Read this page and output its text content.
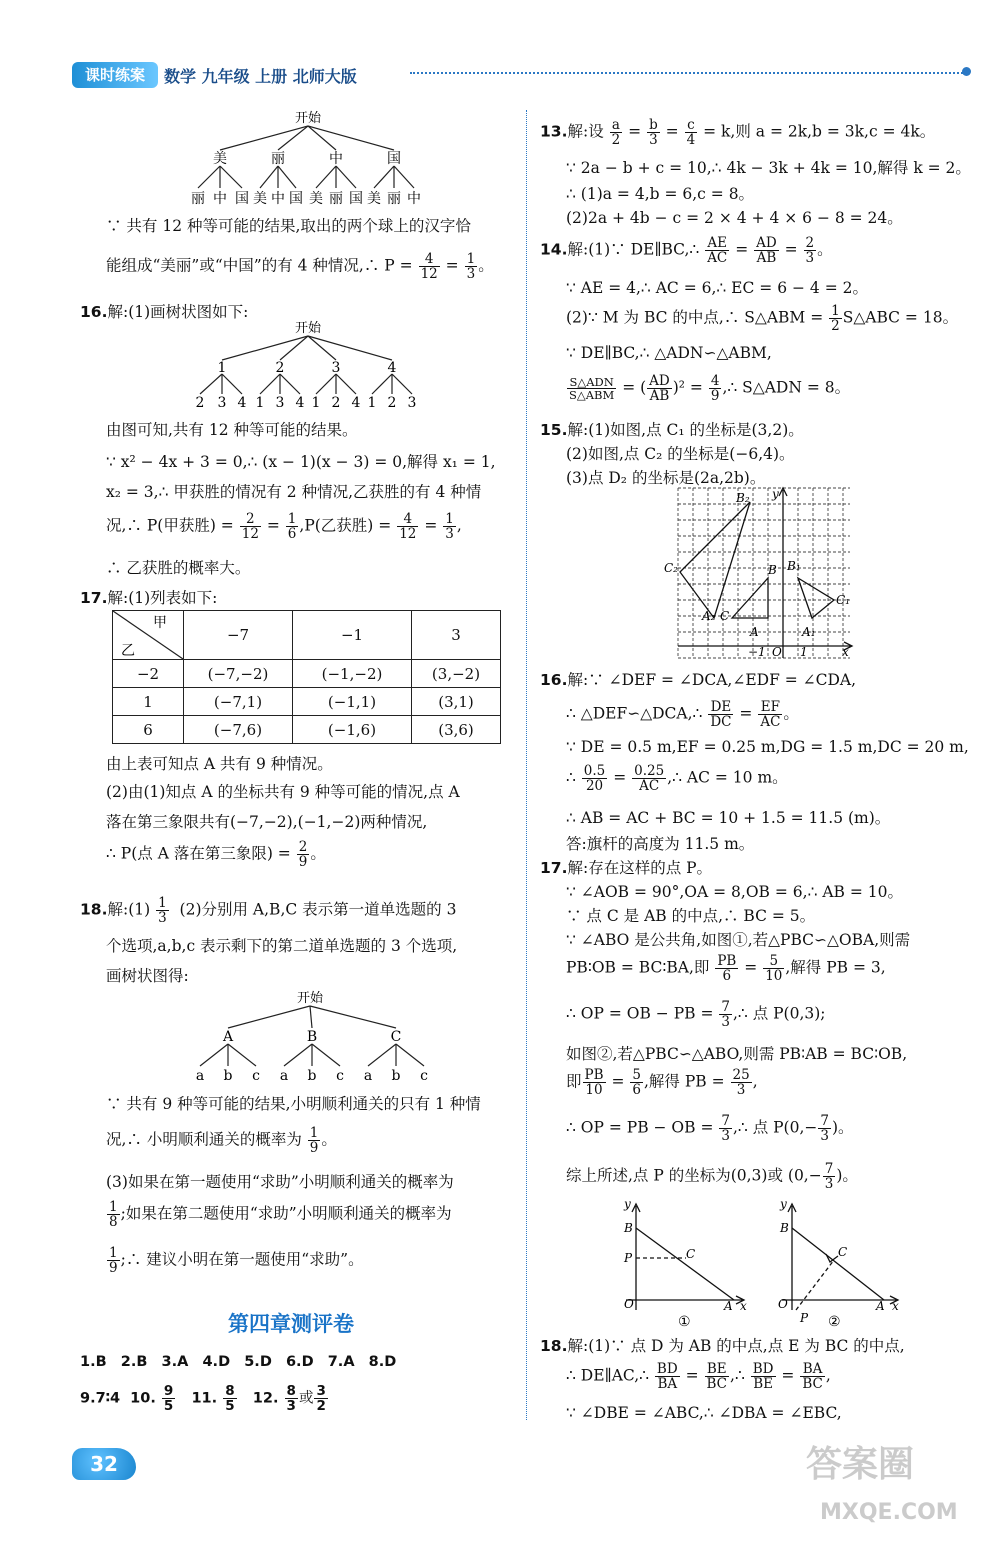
课时练案	数学 九年级 上册 北师大版
开始
美	丽	中	国
丽 中 国 美 中 国 美 丽 国 美 丽 中
∵ 共有 12 种等可能的结果,取出的两个球上的汉字恰
能组成“美丽”或“中国”的有 4 种情况,∴ $P = \frac{4}{12} = \frac{1}{3}$ 。
16.解:(1)画树状图如下:
开始
1	2	3	4
2 3 4 1 3 4 1 2 4 1 2 3
由图可知,共有 12 种等可能的结果。
∵ x² − 4x + 3 = 0,∴ (x − 1)(x − 3) = 0,解得 x₁ = 1,
x₂ = 3,∴ 甲获胜的情况有 2 种情况,乙获胜的有 4 种情
况,∴ P(甲获胜) = $\frac{2}{12} = \frac{1}{6} ,P$(乙获胜) = $\frac{4}{12} = \frac{1}{3}$ ,
∴ 乙获胜的概率大。
17.解:(1)列表如下:
甲
乙	−7	−1	3
−2	(−7,−2)	(−1,−2)	(3,−2)
1	(−7,1)	(−1,1)	(3,1)
6	(−7,6)	(−1,6)	(3,6)
由上表可知点 A 共有 9 种情况。
(2)由(1)知点 A 的坐标共有 9 种等可能的情况,点 A
落在第三象限共有(−7,−2),(−1,−2)两种情况,
∴ P(点 A 落在第三象限) = $\frac{2}{9}$ 。
18.解:(1) $\frac{1}{3} (2)$分别用 A,B,C 表示第一道单选题的 3
个选项,a,b,c 表示剩下的第二道单选题的 3 个选项,
画树状图得:
开始
A	B	C
a b c a b c a b c
∵ 共有 9 种等可能的结果,小明顺利通关的只有 1 种情
况,∴ 小明顺利通关的概率为 $\frac{1}{9}$ 。
(3)如果在第一题使用“求助”小明顺利通关的概率为
$\frac{1}{8}$ ;如果在第二题使用“求助”小明顺利通关的概率为
$\frac{1}{9}$ ;∴ 建议小明在第一题使用“求助”。
第四章测评卷
1.B 2.B 3.A 4.D 5.D 6.D 7.A 8.D
9.7∶4 10. $\frac{9}{5} 11$. $\frac{8}{5} 12$. $\frac{8}{3}$ 或 $\frac{3}{2}$
13.解:设 $\frac{a}{2} = \frac{b}{3} = \frac{c}{4} = k$,则 a = 2k,b = 3k,c = 4k。
∵ 2a − b + c = 10,∴ 4k − 3k + 4k = 10,解得 k = 2。
∴ (1)a = 4,b = 6,c = 8。
(2)2a + 4b − c = 2 × 4 + 4 × 6 − 8 = 24。
14.解:(1)∵ DE∥BC,∴ $\frac{AE}{AC} = \frac{AD}{AB} = \frac{2}{3}$ 。
∵ AE = 4,∴ AC = 6,∴ EC = 6 − 4 = 2。
(2)∵ M 为 BC 的中点,∴ S△ABM = $\frac{1}{2}$ S△ABC = 18。
∵ DE∥BC,∴ △ADN∽△ABM,
$\frac{\text{S△ADN}}{\text{S△ABM}}$ = ( $\frac{AD}{AB} )^2 = \frac{4}{9}$ ,∴ S△ADN = 8。
15.解:(1)如图,点 C₁ 的坐标是(3,2)。
(2)如图,点 C₂ 的坐标是(−6,4)。
(3)点 D₂ 的坐标是(2a,2b)。
B₂ y
C₂	B B₁
C₁
A₂ C
A	A₁
O 1	x
−1
16.解:∵ ∠DEF = ∠DCA,∠EDF = ∠CDA,
∴ △DEF∽△DCA,∴ $\frac{DE}{DC} = \frac{EF}{AC}$ 。
∵ DE = 0.5 m,EF = 0.25 m,DG = 1.5 m,DC = 20 m,
∴ $\frac{0.5}{20} = \frac{0.25}{AC}$ ,∴ AC = 10 m。
∴ AB = AC + BC = 10 + 1.5 = 11.5 (m)。
答:旗杆的高度为 11.5 m。
17.解:存在这样的点 P。
∵ ∠AOB = 90°,OA = 8,OB = 6,∴ AB = 10。
∵ 点 C 是 AB 的中点,∴ BC = 5。
∵ ∠ABO 是公共角,如图①,若△PBC∽△OBA,则需
PB∶OB = BC∶BA,即 $\frac{PB}{6} = \frac{5}{10}$ ,解得 PB = 3,
∴ OP = OB − PB = $\frac{7}{3}$ ,∴ 点 P(0,3);
如图②,若△PBC∽△ABO,则需 PB∶AB = BC∶OB,
即 $\frac{PB}{10} = \frac{5}{6}$ ,解得 PB = $\frac{25}{3}$ ,
∴ OP = PB − OB = $\frac{7}{3}$ ,∴ 点 $P(0,- \frac{7}{3}$ )。
综上所述,点 P 的坐标为(0,3)或 ($0,- \frac{7}{3}$ )。
y
B
P	C
O	A x
y
B
C
O
P
A x
①	②
18.解:(1)∵ 点 D 为 AB 的中点,点 E 为 BC 的中点,
∴ DE∥AC,∴ $\frac{BD}{BA} = \frac{BE}{BC}$ ,∴ $\frac{BD}{BE} = \frac{BA}{BC}$ ,
∵ ∠DBE = ∠ABC,∴ ∠DBA = ∠EBC,
32	答案圈
MXQE.COM
